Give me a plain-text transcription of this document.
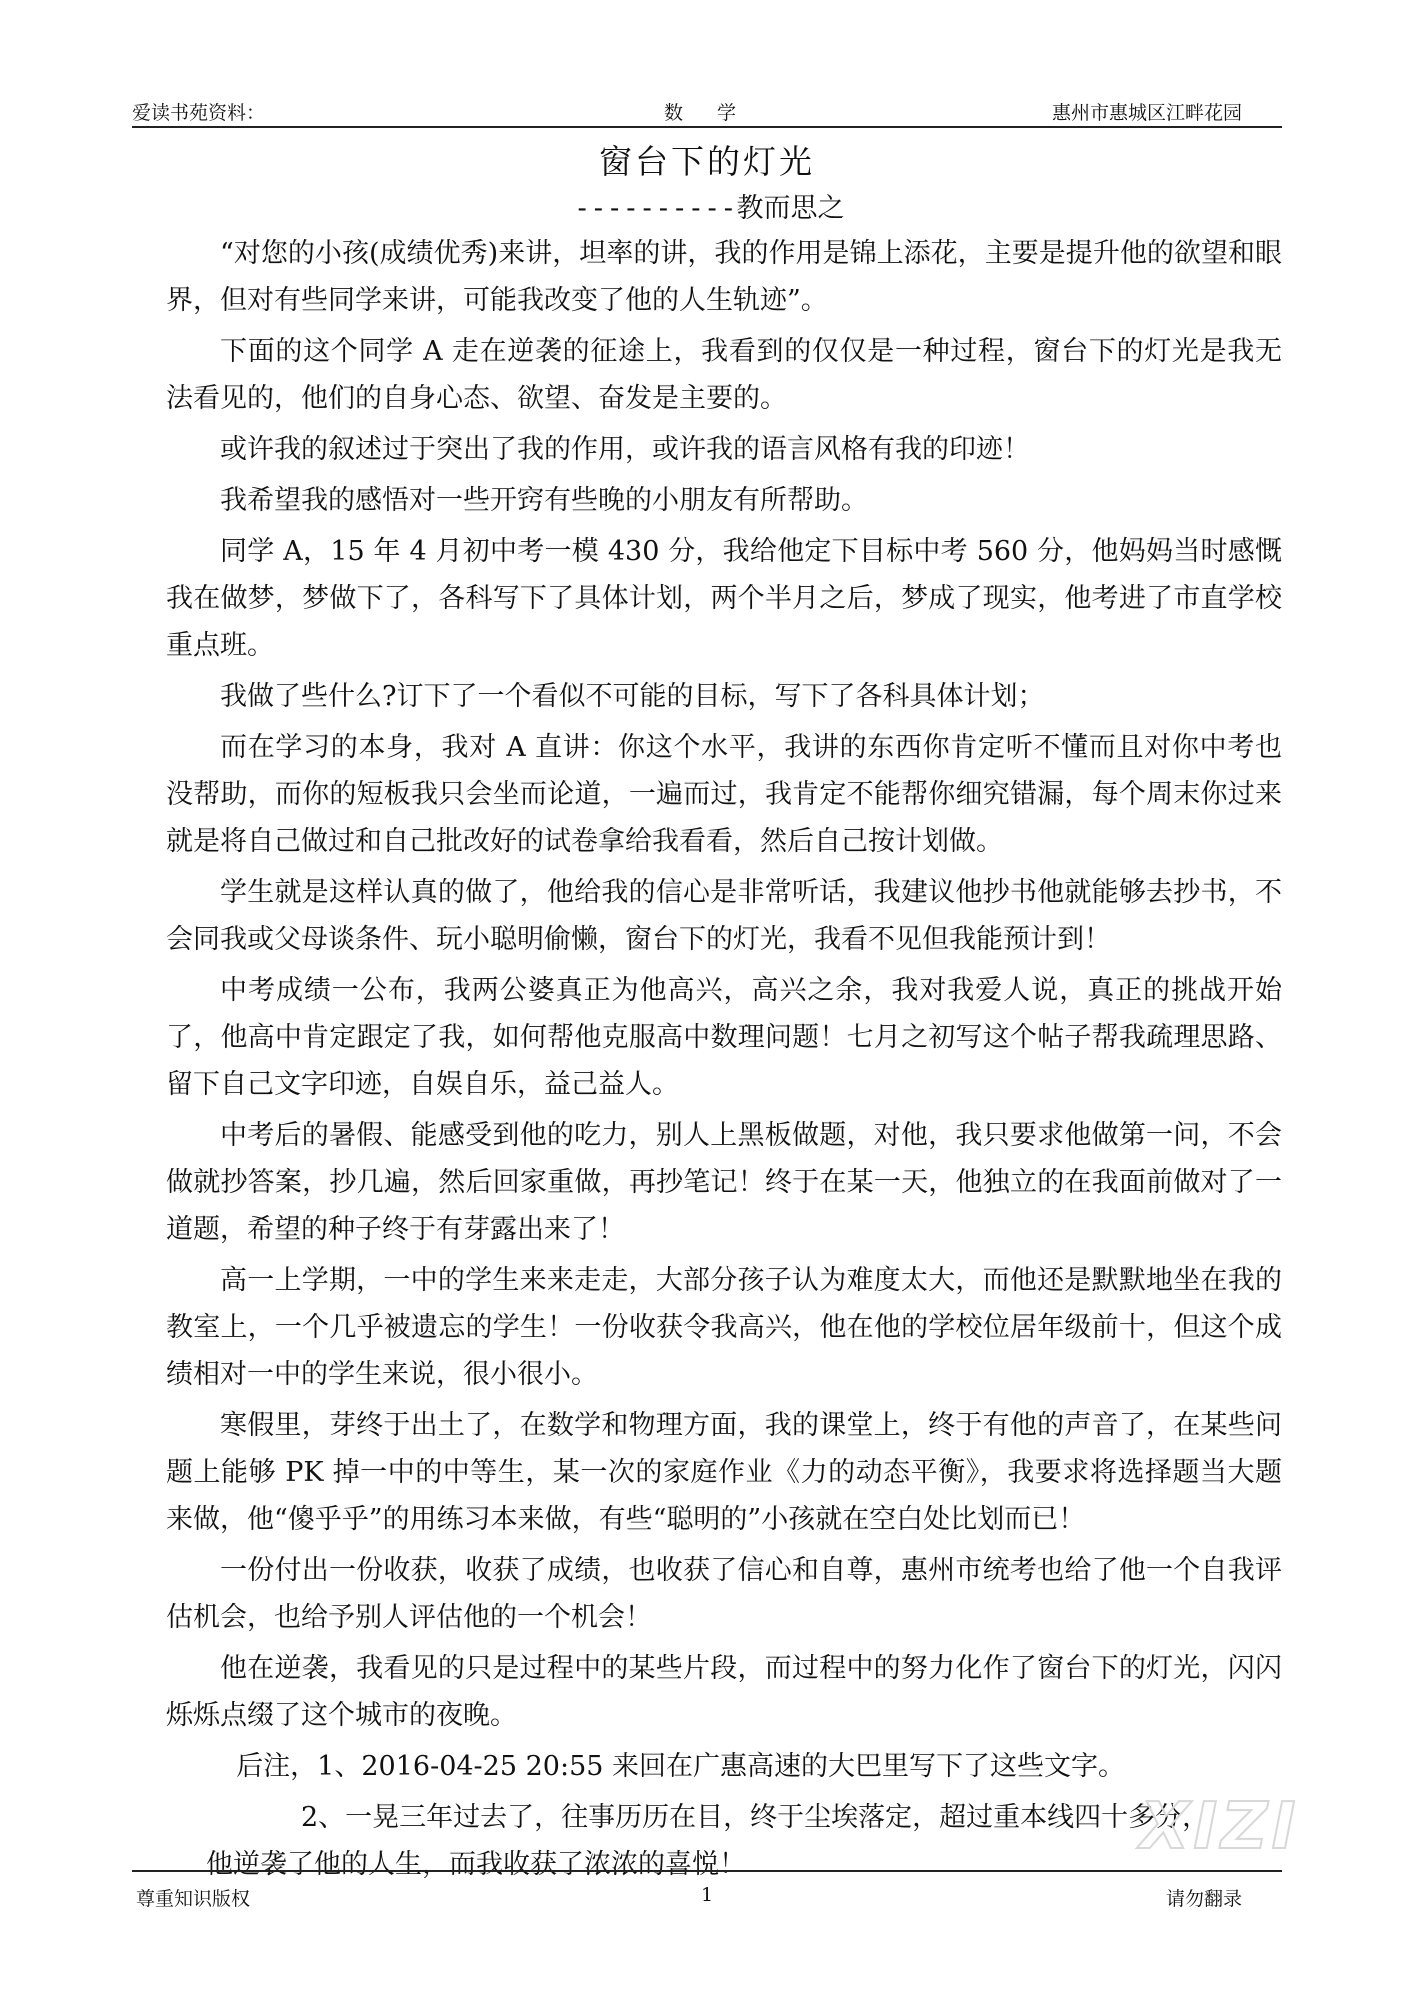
爱读书苑资料：	数 学	惠州市惠城区江畔花园
窗台下的灯光
----------教而思之

“对您的小孩(成绩优秀)来讲，坦率的讲，我的作用是锦上添花，主要是提升他的欲望和眼界，但对有些同学来讲，可能我改变了他的人生轨迹”。

下面的这个同学 A 走在逆袭的征途上，我看到的仅仅是一种过程，窗台下的灯光是我无法看见的，他们的自身心态、欲望、奋发是主要的。

或许我的叙述过于突出了我的作用，或许我的语言风格有我的印迹！

我希望我的感悟对一些开窍有些晚的小朋友有所帮助。

同学 A，15 年 4 月初中考一模 430 分，我给他定下目标中考 560 分，他妈妈当时感慨我在做梦，梦做下了，各科写下了具体计划，两个半月之后，梦成了现实，他考进了市直学校重点班。

我做了些什么?订下了一个看似不可能的目标，写下了各科具体计划；

而在学习的本身，我对 A 直讲：你这个水平，我讲的东西你肯定听不懂而且对你中考也没帮助，而你的短板我只会坐而论道，一遍而过，我肯定不能帮你细究错漏，每个周末你过来就是将自己做过和自己批改好的试卷拿给我看看，然后自己按计划做。

学生就是这样认真的做了，他给我的信心是非常听话，我建议他抄书他就能够去抄书，不会同我或父母谈条件、玩小聪明偷懒，窗台下的灯光，我看不见但我能预计到！

中考成绩一公布，我两公婆真正为他高兴，高兴之余，我对我爱人说，真正的挑战开始了，他高中肯定跟定了我，如何帮他克服高中数理问题！七月之初写这个帖子帮我疏理思路、留下自己文字印迹，自娱自乐，益己益人。

中考后的暑假、能感受到他的吃力，别人上黑板做题，对他，我只要求他做第一问，不会做就抄答案，抄几遍，然后回家重做，再抄笔记！终于在某一天，他独立的在我面前做对了一道题，希望的种子终于有芽露出来了！

高一上学期，一中的学生来来走走，大部分孩子认为难度太大，而他还是默默地坐在我的教室上，一个几乎被遗忘的学生！一份收获令我高兴，他在他的学校位居年级前十，但这个成绩相对一中的学生来说，很小很小。

寒假里，芽终于出土了，在数学和物理方面，我的课堂上，终于有他的声音了，在某些问题上能够 PK 掉一中的中等生，某一次的家庭作业《力的动态平衡》，我要求将选择题当大题来做，他“傻乎乎”的用练习本来做，有些“聪明的”小孩就在空白处比划而已！

一份付出一份收获，收获了成绩，也收获了信心和自尊，惠州市统考也给了他一个自我评估机会，也给予别人评估他的一个机会！

他在逆袭，我看见的只是过程中的某些片段，而过程中的努力化作了窗台下的灯光，闪闪烁烁点缀了这个城市的夜晚。

后注，1、2016-04-25 20:55 来回在广惠高速的大巴里写下了这些文字。

2、一晃三年过去了，往事历历在目，终于尘埃落定，超过重本线四十多分，

他逆袭了他的人生，而我收获了浓浓的喜悦！

XIZI
尊重知识版权	1	请勿翻录
